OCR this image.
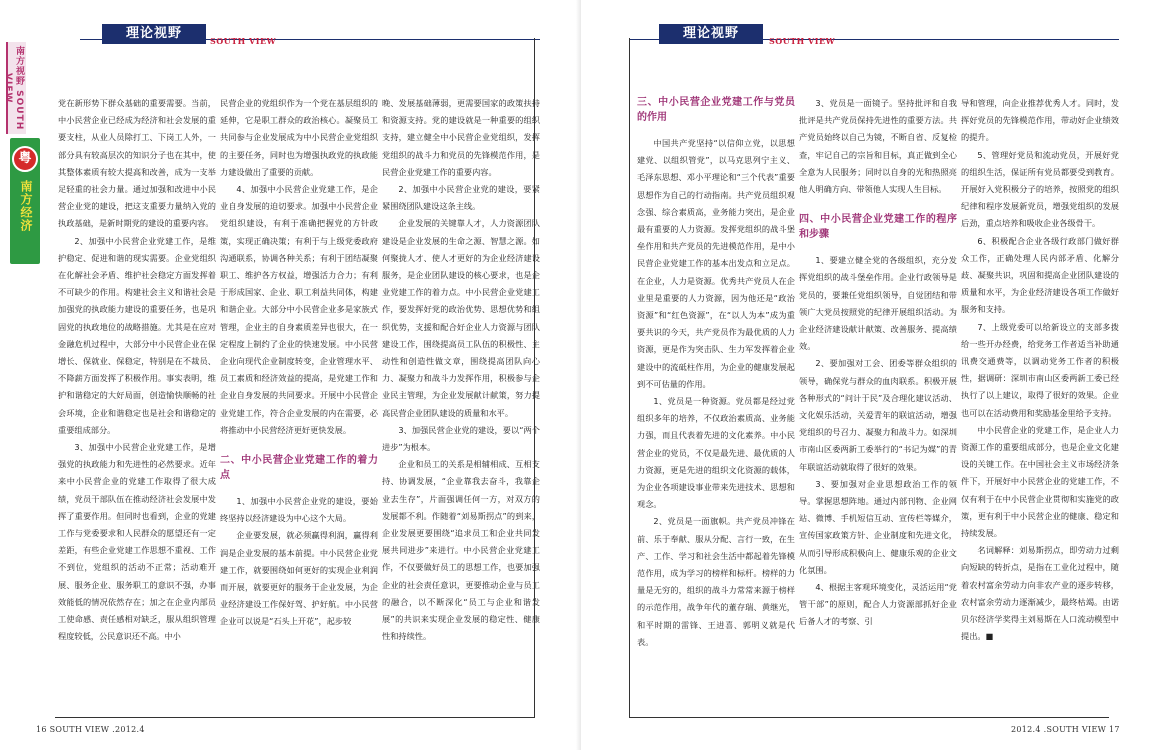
南方视野 SOUTH VIEW
粤
南方经济
理论视野	SOUTH VIEW

党在新形势下群众基础的重要需要。当前，中小民营企业已经成为经济和社会发展的重要支柱，从业人员除打工、下岗工人外，一部分具有较高层次的知识分子也在其中，使其整体素质有较大提高和改善，成为一支举足轻重的社会力量。通过加强和改进中小民营企业党的建设，把这支重要力量纳入党的执政基础，是新时期党的建设的重要内容。

2、加强中小民营企业党建工作，是维护稳定、促进和谐的现实需要。企业党组织在化解社会矛盾、维护社会稳定方面发挥着不可缺少的作用。构建社会主义和谐社会是加强党的执政能力建设的重要任务，也是巩固党的执政地位的战略措施。尤其是在应对金融危机过程中，大部分中小民营企业在保增长、保就业、保稳定，特别是在不裁员、不降薪方面发挥了积极作用。事实表明，维护和谐稳定的大好局面，创造愉快顺畅的社会环境，企业和谐稳定也是社会和谐稳定的重要组成部分。

3、加强中小民营企业党建工作，是增强党的执政能力和先进性的必然要求。近年来中小民营企业的党建工作取得了很大成绩，党员干部队伍在推动经济社会发展中发挥了重要作用。但同时也看到，企业的党建工作与党委要求和人民群众的愿望还有一定差距，有些企业党建工作思想不重视、工作不到位，党组织的活动不正常；活动难开展、服务企业、服务职工的意识不强，办事效能低的情况依然存在；加之在企业内部员工使命感、责任感相对缺乏，服从组织管理程度较低，公民意识还不高。中小

民营企业的党组织作为一个党在基层组织的延伸，它是职工群众的政治核心。凝聚员工共同参与企业发展成为中小民营企业党组织的主要任务，同时也为增强执政党的执政能力建设做出了重要的贡献。

4、加强中小民营企业党建工作，是企业自身发展的迫切要求。加强中小民营企业党组织建设，有利于准确把握党的方针政策，实现正确决策；有利于与上级党委政府沟通联系，协调各种关系；有利于团结凝聚职工、维护各方权益，增强活力合力；有利于形成国家、企业、职工利益共同体，构建和谐企业。大部分中小民营企业多是家族式管理，企业主的自身素质差异也很大，在一定程度上制约了企业的快速发展。中小民营企业向现代企业制度转变，企业管理水平、员工素质和经济效益的提高，是党建工作和企业自身发展的共同要求。开展中小民营企业党建工作，符合企业发展的内在需要，必将推动中小民营经济更好更快发展。

二、中小民营企业党建工作的着力点

1、加强中小民营企业党的建设，要始终坚持以经济建设为中心这个大局。

企业要发展，就必须赢得利润，赢得利润是企业发展的基本前提。中小民营企业党建工作，就要围绕如何更好的实现企业利润而开展，就要更好的服务于企业发展，为企业经济建设工作保好驾、护好航。中小民营企业可以说是“石头上开花”，起步较

晚、发展基础薄弱，更需要国家的政策扶持和资源支持。党的建设就是一种重要的组织支持，建立健全中小民营企业党组织，发挥党组织的战斗力和党员的先锋模范作用，是民营企业党建工作的重要内容。

2、加强中小民营企业党的建设，要紧紧围绕团队建设这条主线。

企业发展的关键靠人才，人力资源团队建设是企业发展的生命之源、智慧之源。如何聚拢人才、使人才更好的为企业经济建设服务，是企业团队建设的核心要求，也是企业党建工作的着力点。中小民营企业党建工作，要发挥好党的政治优势、思想优势和组织优势，支援和配合好企业人力资源与团队建设工作，围绕提高员工队伍的积极性、主动性和创造性做文章，围绕提高团队向心力、凝聚力和战斗力发挥作用，积极参与企业民主管理，为企业发展献计献策，努力提高民营企业团队建设的质量和水平。

3、加强民营企业党的建设，要以“两个进步”为根本。

企业和员工的关系是相辅相成、互相支持、协调发展，“企业靠我去奋斗，我靠企业去生存”，片面强调任何一方，对双方的发展都不利。作随着“刘易斯拐点”的到来，企业发展更要围绕“追求员工和企业共同发展共同进步”来进行。中小民营企业党建工作，不仅要做好员工的思想工作，也要加强企业的社会责任意识，更要推动企业与员工的融合，以不断深化“员工与企业和谐发展”的共识来实现企业发展的稳定性、健康性和持续性。

16 SOUTH VIEW .2012.4
理论视野	SOUTH VIEW
三、中小民营企业党建工作与党员的作用

中国共产党坚持“以信仰立党，以思想建党、以组织管党”，以马克思列宁主义、毛泽东思想、邓小平理论和“三个代表”重要思想作为自己的行动指南。共产党员组织观念强、综合素质高，业务能力突出，是企业最有重要的人力资源。发挥党组织的战斗堡垒作用和共产党员的先进模范作用，是中小民营企业党建工作的基本出发点和立足点。在企业，人力是资源。优秀共产党员人在企业里是重要的人力资源，因为他还是“政治资源”和“红色资源”，在“以人为本”成为重要共识的今天，共产党员作为最优质的人力资源，更是作为突击队、生力军发挥着企业建设中的流砥柱作用，为企业的健康发展起到不可估量的作用。

1、党员是一种资源。党员都是经过党组织多年的培养，不仅政治素质高、业务能力强，而且代表着先进的文化素养。中小民营企业的党员，不仅是最先进、最优质的人力资源，更是先进的组织文化资源的载体，为企业各项建设事业带来先进技术、思想和观念。

2、党员是一面旗帜。共产党员冲锋在前、乐于奉献、服从分配、言行一致，在生产、工作、学习和社会生活中都起着先锋模范作用，成为学习的榜样和标杆。榜样的力量是无穷的，组织的战斗力常常来源于榜样的示范作用，战争年代的董存瑞、黄继光，和平时期的雷锋、王进喜、郭明义就是代表。

3、党员是一面镜子。坚持批评和自我批评是共产党员保持先进性的重要方法。共产党员始终以自己为镜，不断自省、反复检查，牢记自己的宗旨和目标，真正做到全心全意为人民服务；同时以自身的光和热照亮他人明确方向、带领他人实现人生目标。

四、中小民营企业党建工作的程序和步骤

1、要建立健全党的各级组织，充分发挥党组织的战斗堡垒作用。企业行政领导是党员的，要兼任党组织领导，自觉团结和带领广大党员按照党的纪律开展组织活动。为企业经济建设献计献策、改善服务、提高绩效。

2、要加强对工会、团委等群众组织的领导，确保党与群众的血肉联系。积极开展各种形式的“问计于民”及合理化建议活动、文化娱乐活动，关爱青年的联谊活动，增强党组织的号召力、凝聚力和战斗力。如深圳市南山区委两新工委举行的“书记为媒”的青年联谊活动就取得了很好的效果。

3、要加强对企业思想政治工作的领导。掌握思想阵地。通过内部刊物、企业网站、微博、手机短信互动、宣传栏等媒介，宣传国家政策方针、企业制度和先进文化，从而引导形成积极向上、健康乐观的企业文化氛围。

4、根据主客观环境变化，灵活运用“党管干部”的原则，配合人力资源部抓好企业后备人才的考察、引

导和管理，向企业推荐优秀人才。同时，发挥好党员的先锋模范作用，带动好企业绩效的提升。

5、管理好党员和流动党员，开展好党的组织生活，保证所有党员都要受到教育。开展好入党积极分子的培养，按照党的组织纪律和程序发展新党员，增强党组织的发展后劲，重点培养和吸收企业各级骨干。

6、积极配合企业各级行政部门做好群众工作，正确处理人民内部矛盾、化解分歧、凝聚共识，巩固和提高企业团队建设的质量和水平，为企业经济建设各项工作做好服务和支持。

7、上级党委可以给新设立的支部多拨给一些开办经费，给党务工作者适当补助通讯费交通费等，以调动党务工作者的积极性，据调研：深圳市南山区委两新工委已经执行了以上建议，取得了很好的效果。企业也可以在活动费用和奖励基金里给予支持。

中小民营企业的党建工作，是企业人力资源工作的重要组成部分，也是企业文化建设的关键工作。在中国社会主义市场经济条件下，开展好中小民营企业的党建工作，不仅有利于在中小民营企业贯彻和实施党的政策，更有利于中小民营企业的健康、稳定和持续发展。

名词解释：刘易斯拐点，即劳动力过剩向短缺的转折点，是指在工业化过程中，随着农村富余劳动力向非农产业的逐步转移，农村富余劳动力逐渐减少，最终枯竭。由诺贝尔经济学奖得主刘易斯在人口流动模型中提出。■

2012.4 .SOUTH VIEW 17
